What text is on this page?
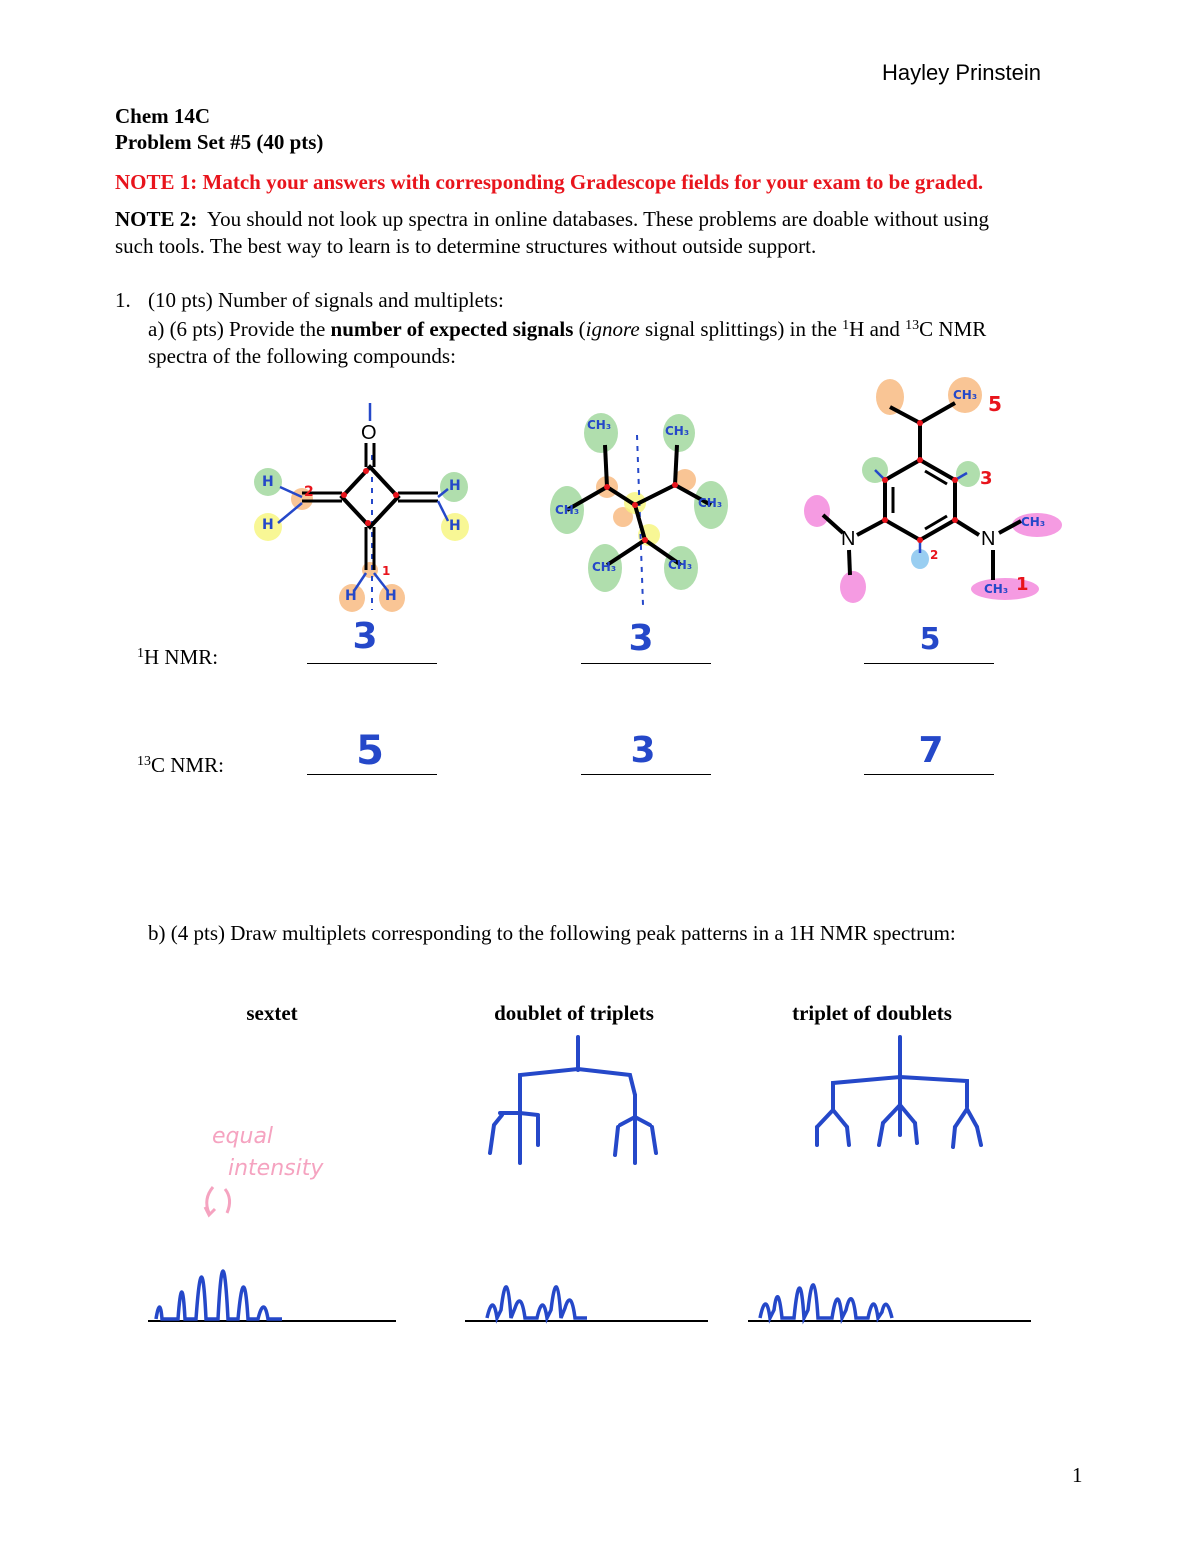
Hayley Prinstein
Chem 14C
Problem Set #5 (40 pts)
NOTE 1: Match your answers with corresponding Gradescope fields for your exam to be graded.
NOTE 2: You should not look up spectra in online databases. These problems are doable without using
such tools. The best way to learn is to determine structures without outside support.
1. (10 pts) Number of signals and multiplets:
a) (6 pts) Provide the number of expected signals (ignore signal splittings) in the $^1$H and $^{13}$C NMR
spectra of the following compounds:
O
H
H
H
H
H H
2
1
CH₃	CH₃
CH₃	CH₃
CH₃	CH₃
N	N
CH₃
CH₃
CH₃
5
3
1
2
$^1$H NMR:
$^{13}$C NMR:
3	3	5
5	3	7
b) (4 pts) Draw multiplets corresponding to the following peak patterns in a 1H NMR spectrum:
sextet	doublet of triplets	triplet of doublets
equal
intensity
1
